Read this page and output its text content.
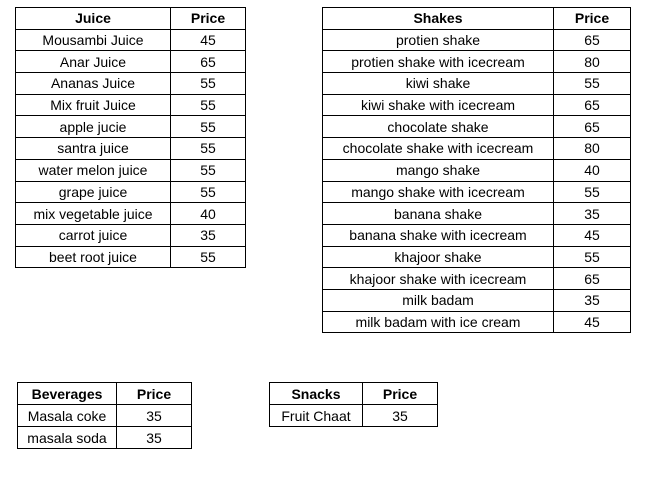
Juice	Price
Mousambi Juice	45
Anar Juice	65
Ananas Juice	55
Mix fruit Juice	55
apple jucie	55
santra juice	55
water melon juice	55
grape juice	55
mix vegetable juice	40
carrot juice	35
beet root juice	55
Shakes	Price
protien shake	65
protien shake with icecream	80
kiwi shake	55
kiwi shake with icecream	65
chocolate shake	65
chocolate shake with icecream	80
mango shake	40
mango shake with icecream	55
banana shake	35
banana shake with icecream	45
khajoor shake	55
khajoor shake with icecream	65
milk badam	35
milk badam with ice cream	45
Beverages	Price
Masala coke	35
masala soda	35
Snacks	Price
Fruit Chaat	35
